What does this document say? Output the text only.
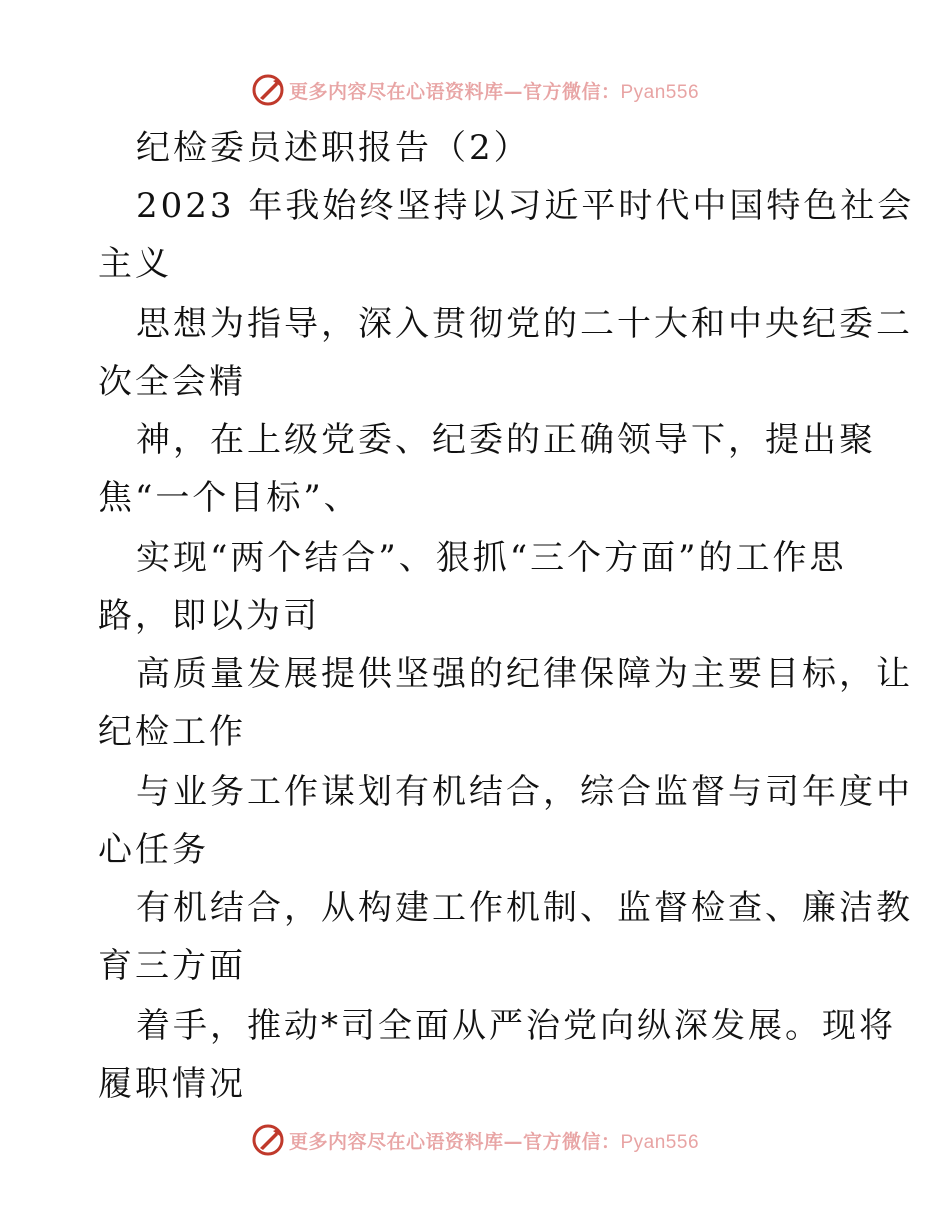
更多内容尽在心语资料库—官方微信：Pyan556
纪检委员述职报告（2）
2023 年我始终坚持以习近平时代中国特色社会
主义
思想为指导，深入贯彻党的二十大和中央纪委二
次全会精
神，在上级党委、纪委的正确领导下，提出聚
焦“一个目标”、
实现“两个结合”、狠抓“三个方面”的工作思
路，即以为司
高质量发展提供坚强的纪律保障为主要目标，让
纪检工作
与业务工作谋划有机结合，综合监督与司年度中
心任务
有机结合，从构建工作机制、监督检查、廉洁教
育三方面
着手，推动*司全面从严治党向纵深发展。现将
履职情况
更多内容尽在心语资料库—官方微信：Pyan556
